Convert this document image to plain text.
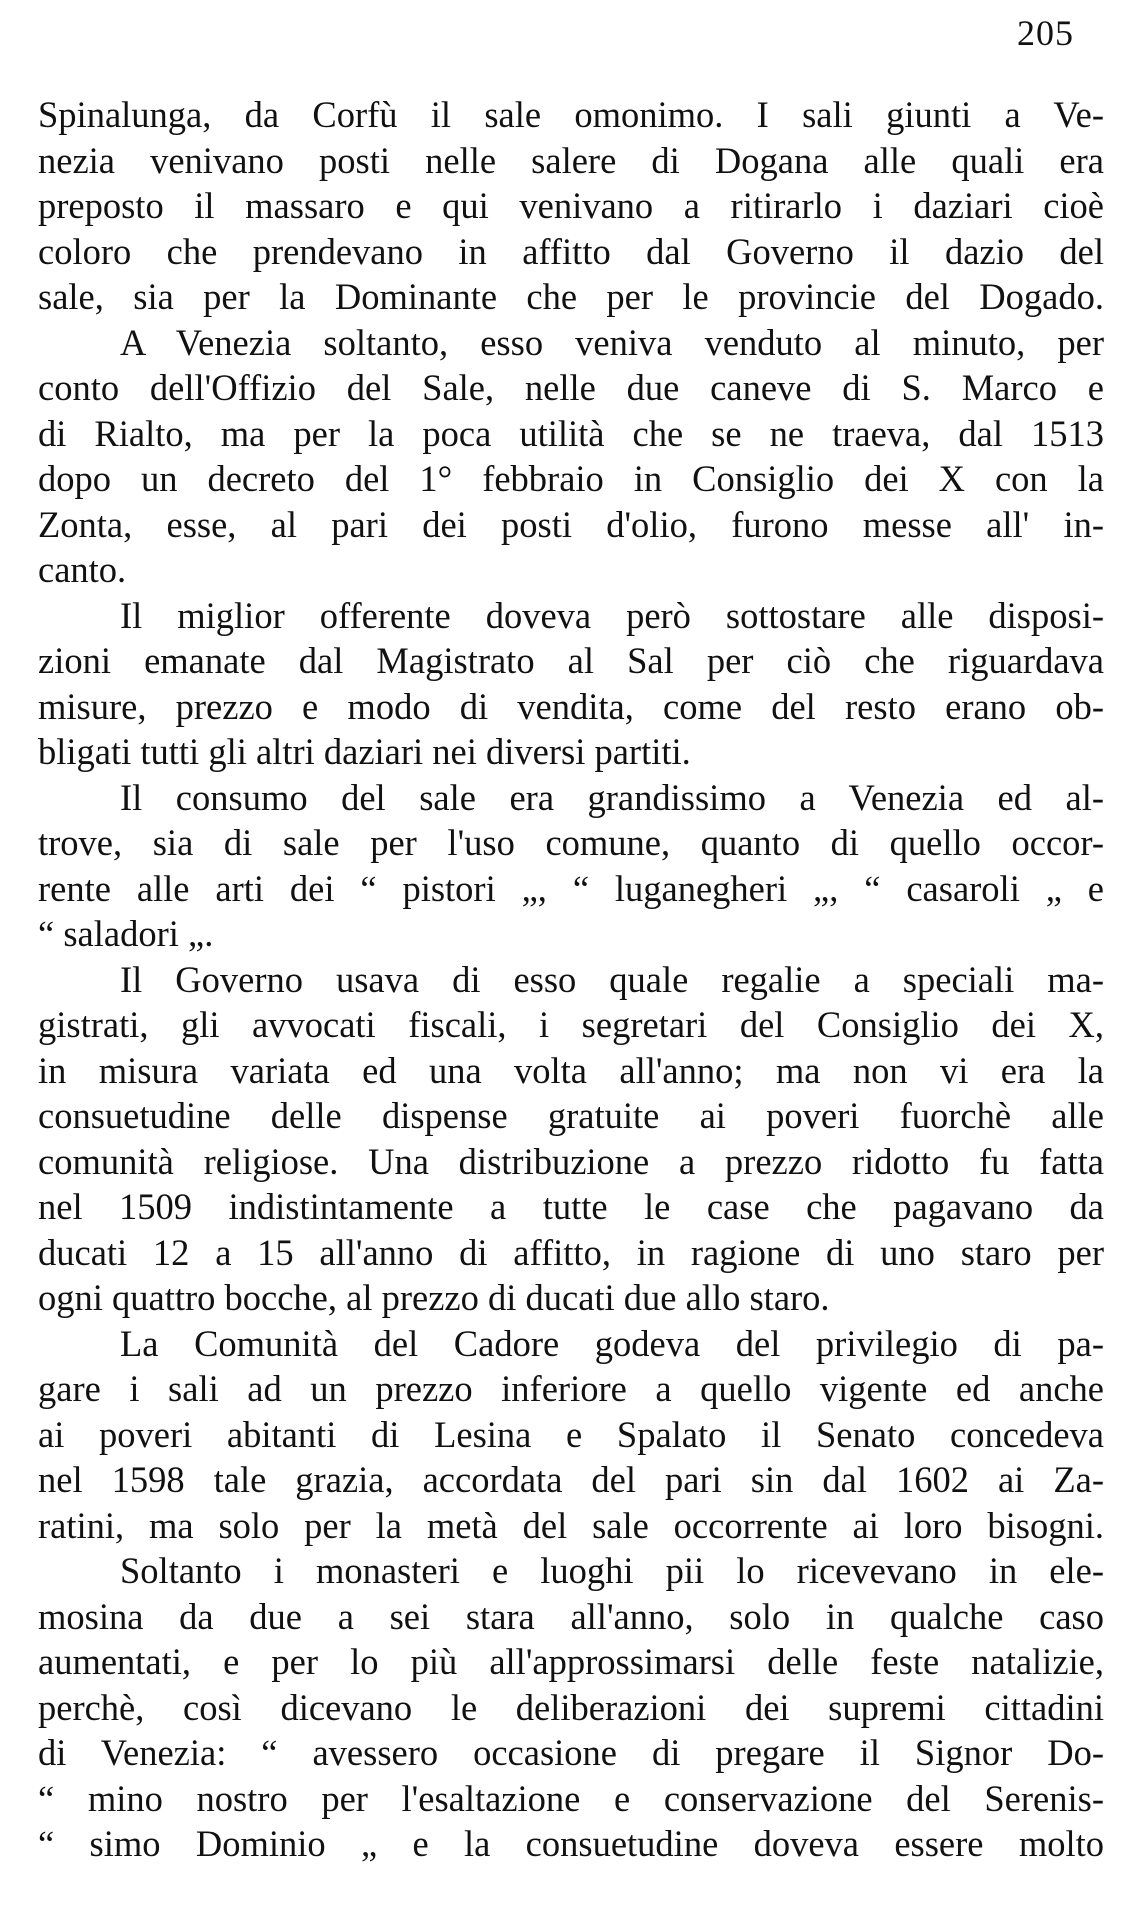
205
Spinalunga, da Corfù il sale omonimo. I sali giunti a Ve-
nezia venivano posti nelle salere di Dogana alle quali era
preposto il massaro e qui venivano a ritirarlo i daziari cioè
coloro che prendevano in affitto dal Governo il dazio del
sale, sia per la Dominante che per le provincie del Dogado.
A Venezia soltanto, esso veniva venduto al minuto, per
conto dell'Offizio del Sale, nelle due caneve di S. Marco e
di Rialto, ma per la poca utilità che se ne traeva, dal 1513
dopo un decreto del 1° febbraio in Consiglio dei X con la
Zonta, esse, al pari dei posti d'olio, furono messe all' in-
canto.
Il miglior offerente doveva però sottostare alle disposi-
zioni emanate dal Magistrato al Sal per ciò che riguardava
misure, prezzo e modo di vendita, come del resto erano ob-
bligati tutti gli altri daziari nei diversi partiti.
Il consumo del sale era grandissimo a Venezia ed al-
trove, sia di sale per l'uso comune, quanto di quello occor-
rente alle arti dei “ pistori „, “ luganegheri „, “ casaroli „ e
“ saladori „.
Il Governo usava di esso quale regalie a speciali ma-
gistrati, gli avvocati fiscali, i segretari del Consiglio dei X,
in misura variata ed una volta all'anno; ma non vi era la
consuetudine delle dispense gratuite ai poveri fuorchè alle
comunità religiose. Una distribuzione a prezzo ridotto fu fatta
nel 1509 indistintamente a tutte le case che pagavano da
ducati 12 a 15 all'anno di affitto, in ragione di uno staro per
ogni quattro bocche, al prezzo di ducati due allo staro.
La Comunità del Cadore godeva del privilegio di pa-
gare i sali ad un prezzo inferiore a quello vigente ed anche
ai poveri abitanti di Lesina e Spalato il Senato concedeva
nel 1598 tale grazia, accordata del pari sin dal 1602 ai Za-
ratini, ma solo per la metà del sale occorrente ai loro bisogni.
Soltanto i monasteri e luoghi pii lo ricevevano in ele-
mosina da due a sei stara all'anno, solo in qualche caso
aumentati, e per lo più all'approssimarsi delle feste natalizie,
perchè, così dicevano le deliberazioni dei supremi cittadini
di Venezia: “ avessero occasione di pregare il Signor Do-
“ mino nostro per l'esaltazione e conservazione del Serenis-
“ simo Dominio „ e la consuetudine doveva essere molto
